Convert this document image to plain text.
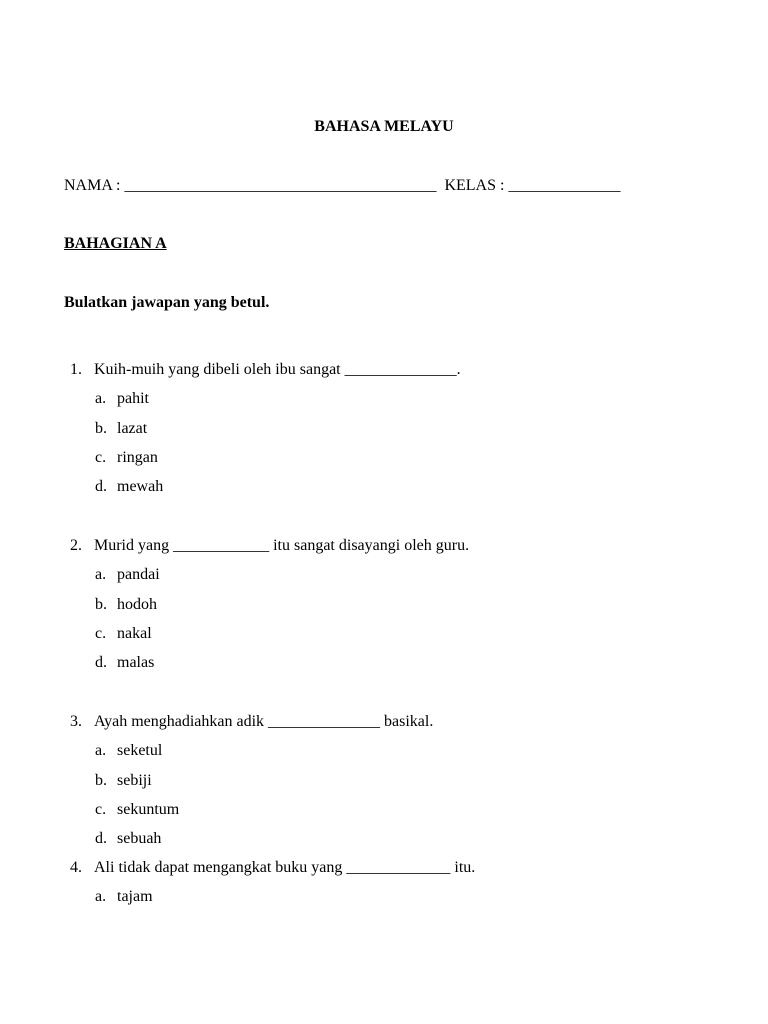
BAHASA MELAYU
NAMA : _______________________________________  KELAS : ______________
BAHAGIAN A
Bulatkan jawapan yang betul.
1. Kuih-muih yang dibeli oleh ibu sangat ______________.
a. pahit
b. lazat
c. ringan
d. mewah
2. Murid yang ____________ itu sangat disayangi oleh guru.
a. pandai
b. hodoh
c. nakal
d. malas
3. Ayah menghadiahkan adik ______________ basikal.
a. seketul
b. sebiji
c. sekuntum
d. sebuah
4. Ali tidak dapat mengangkat buku yang _____________ itu.
a. tajam
